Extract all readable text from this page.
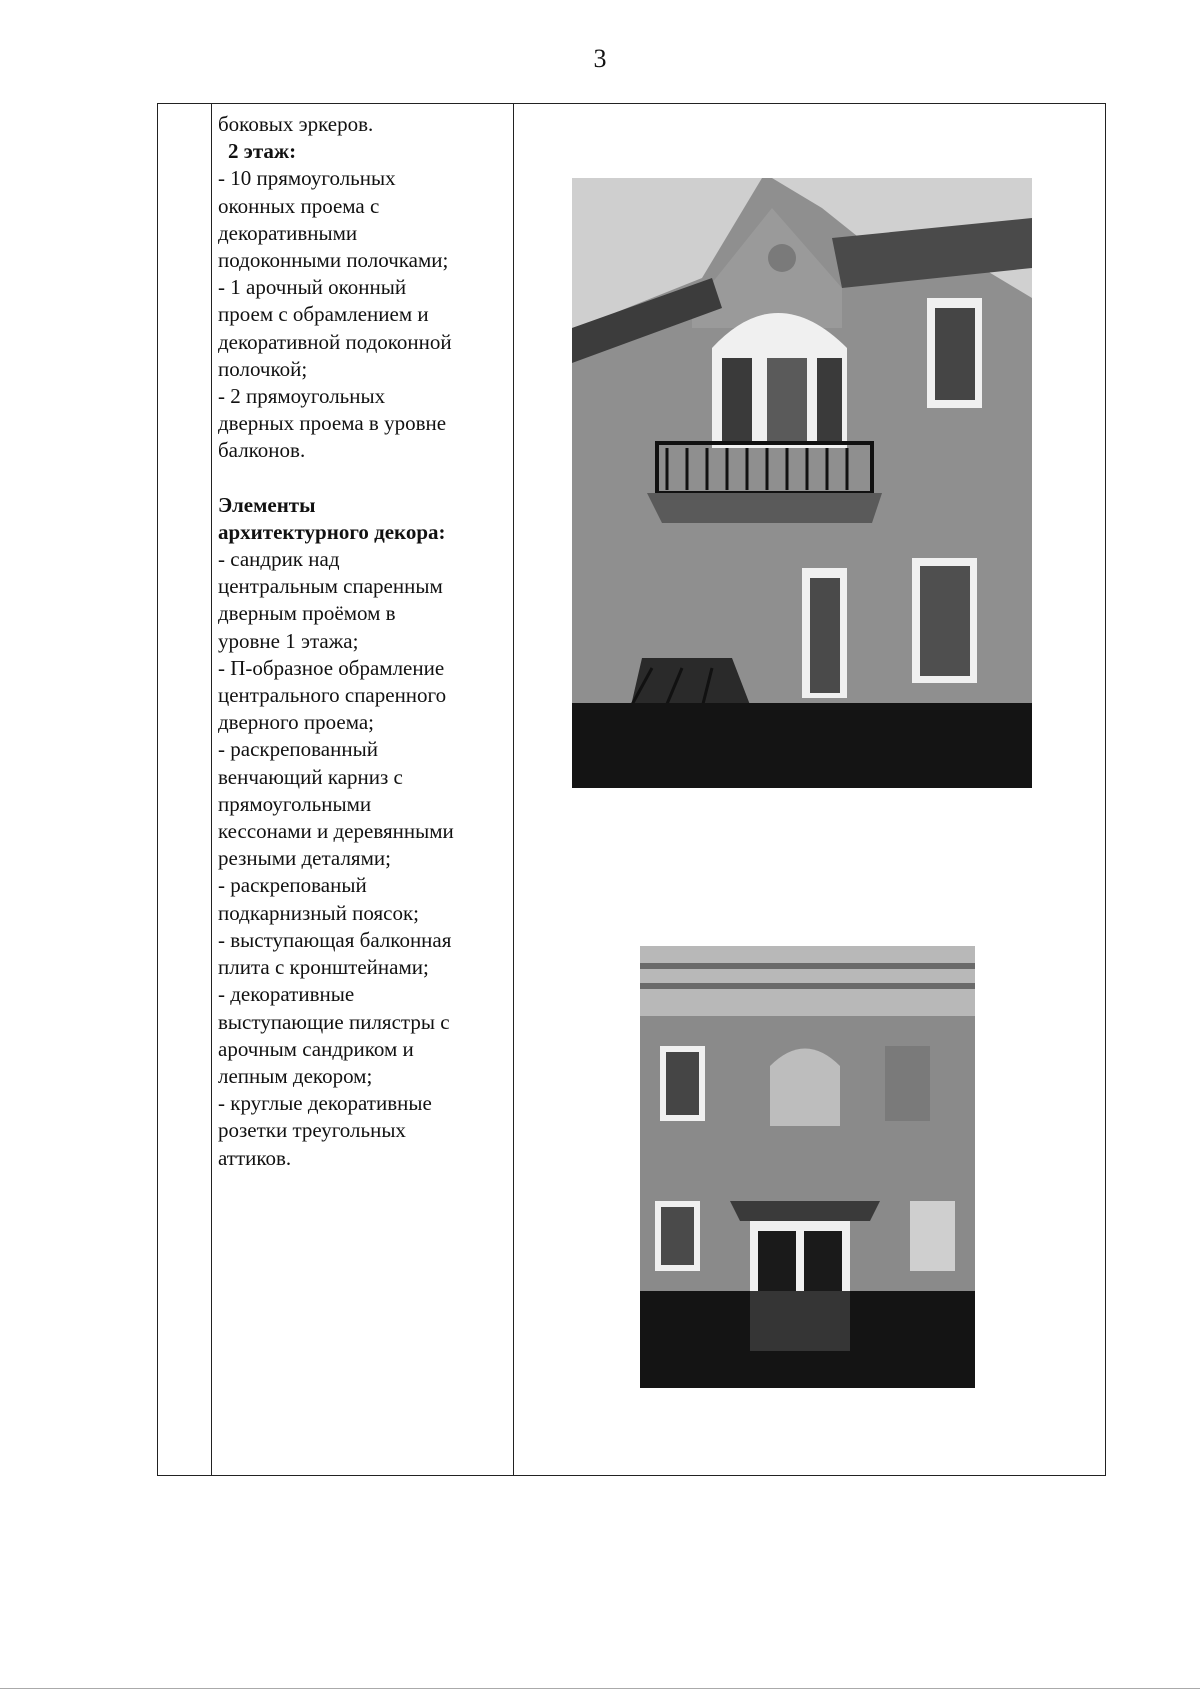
3

боковых эркеров.

2 этаж:

- 10 прямоугольных

оконных проема с

декоративными

подоконными полочками;

- 1 арочный оконный

проем с обрамлением и

декоративной подоконной

полочкой;

- 2 прямоугольных

дверных проема в уровне

балконов.

Элементы

архитектурного декора:

- сандрик над

центральным спаренным

дверным проёмом в

уровне 1 этажа;

- П-образное обрамление

центрального спаренного

дверного проема;

- раскрепованный

венчающий карниз с

прямоугольными

кессонами и деревянными

резными деталями;

- раскрепованый

подкарнизный поясок;

- выступающая балконная

плита с кронштейнами;

- декоративные

выступающие пилястры с

арочным сандриком и

лепным декором;

- круглые декоративные

розетки треугольных

аттиков.
